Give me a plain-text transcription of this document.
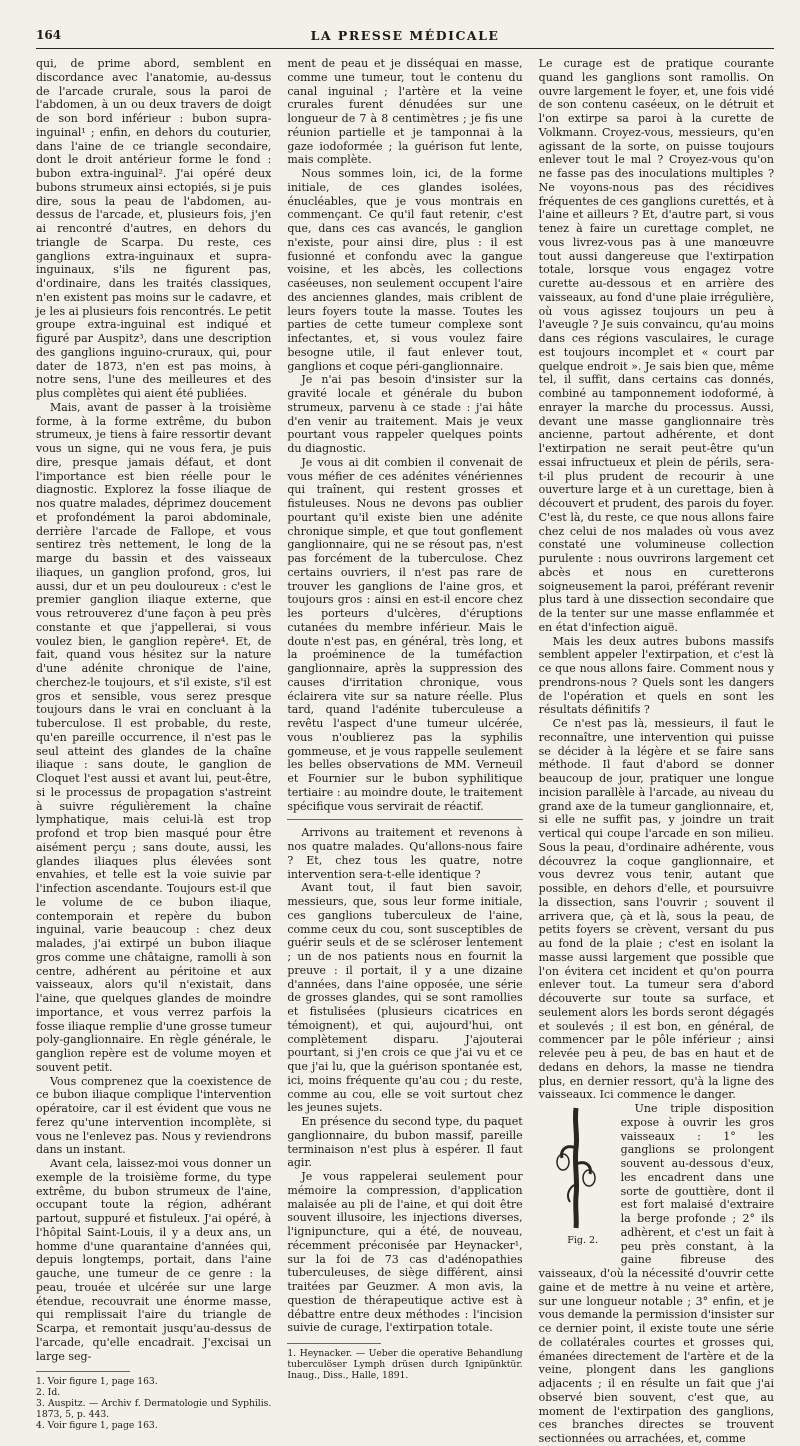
164	LA PRESSE MÉDICALE

qui, de prime abord, semblent en discordance avec l'anatomie, au-dessus de l'arcade crurale, sous la paroi de l'abdomen, à un ou deux travers de doigt de son bord inférieur : bubon supra-inguinal¹ ; enfin, en dehors du couturier, dans l'aine de ce triangle secondaire, dont le droit antérieur forme le fond : bubon extra-inguinal². J'ai opéré deux bubons strumeux ainsi ectopiés, si je puis dire, sous la peau de l'abdomen, au-dessus de l'arcade, et, plusieurs fois, j'en ai rencontré d'autres, en dehors du triangle de Scarpa. Du reste, ces ganglions extra-inguinaux et supra-inguinaux, s'ils ne figurent pas, d'ordinaire, dans les traités classiques, n'en existent pas moins sur le cadavre, et je les ai plusieurs fois rencontrés. Le petit groupe extra-inguinal est indiqué et figuré par Auspitz³, dans une description des ganglions inguino-cruraux, qui, pour dater de 1873, n'en est pas moins, à notre sens, l'une des meilleures et des plus complètes qui aient été publiées.

Mais, avant de passer à la troisième forme, à la forme extrême, du bubon strumeux, je tiens à faire ressortir devant vous un signe, qui ne vous fera, je puis dire, presque jamais défaut, et dont l'importance est bien réelle pour le diagnostic. Explorez la fosse iliaque de nos quatre malades, déprimez doucement et profondément la paroi abdominale, derrière l'arcade de Fallope, et vous sentirez très nettement, le long de la marge du bassin et des vaisseaux iliaques, un ganglion profond, gros, lui aussi, dur et un peu douloureux : c'est le premier ganglion iliaque externe, que vous retrouverez d'une façon à peu près constante et que j'appellerai, si vous voulez bien, le ganglion repère⁴. Et, de fait, quand vous hésitez sur la nature d'une adénite chronique de l'aine, cherchez-le toujours, et s'il existe, s'il est gros et sensible, vous serez presque toujours dans le vrai en concluant à la tuberculose. Il est probable, du reste, qu'en pareille occurrence, il n'est pas le seul atteint des glandes de la chaîne iliaque : sans doute, le ganglion de Cloquet l'est aussi et avant lui, peut-être, si le processus de propagation s'astreint à suivre régulièrement la chaîne lymphatique, mais celui-là est trop profond et trop bien masqué pour être aisément perçu ; sans doute, aussi, les glandes iliaques plus élevées sont envahies, et telle est la voie suivie par l'infection ascendante. Toujours est-il que le volume de ce bubon iliaque, contemporain et repère du bubon inguinal, varie beaucoup : chez deux malades, j'ai extirpé un bubon iliaque gros comme une châtaigne, ramolli à son centre, adhérent au péritoine et aux vaisseaux, alors qu'il n'existait, dans l'aine, que quelques glandes de moindre importance, et vous verrez parfois la fosse iliaque remplie d'une grosse tumeur poly-ganglionnaire. En règle générale, le ganglion repère est de volume moyen et souvent petit.

Vous comprenez que la coexistence de ce bubon iliaque complique l'intervention opératoire, car il est évident que vous ne ferez qu'une intervention incomplète, si vous ne l'enlevez pas. Nous y reviendrons dans un instant.

Avant cela, laissez-moi vous donner un exemple de la troisième forme, du type extrême, du bubon strumeux de l'aine, occupant toute la région, adhérant partout, suppuré et fistuleux. J'ai opéré, à l'hôpital Saint-Louis, il y a deux ans, un homme d'une quarantaine d'années qui, depuis longtemps, portait, dans l'aine gauche, une tumeur de ce genre : la peau, trouée et ulcérée sur une large étendue, recouvrait une énorme masse, qui remplissait l'aire du triangle de Scarpa, et remontait jusqu'au-dessus de l'arcade, qu'elle encadrait. J'excisai un large seg-

1. Voir figure 1, page 163.

2. Id.

3. Auspitz. — Archiv f. Dermatologie und Syphilis. 1873, 5, p. 443.

4. Voir figure 1, page 163.

ment de peau et je disséquai en masse, comme une tumeur, tout le contenu du canal inguinal ; l'artère et la veine crurales furent dénudées sur une longueur de 7 à 8 centimètres ; je fis une réunion partielle et je tamponnai à la gaze iodoformée ; la guérison fut lente, mais complète.

Nous sommes loin, ici, de la forme initiale, de ces glandes isolées, énucléables, que je vous montrais en commençant. Ce qu'il faut retenir, c'est que, dans ces cas avancés, le ganglion n'existe, pour ainsi dire, plus : il est fusionné et confondu avec la gangue voisine, et les abcès, les collections caséeuses, non seulement occupent l'aire des anciennes glandes, mais criblent de leurs foyers toute la masse. Toutes les parties de cette tumeur complexe sont infectantes, et, si vous voulez faire besogne utile, il faut enlever tout, ganglions et coque péri-ganglionnaire.

Je n'ai pas besoin d'insister sur la gravité locale et générale du bubon strumeux, parvenu à ce stade : j'ai hâte d'en venir au traitement. Mais je veux pourtant vous rappeler quelques points du diagnostic.

Je vous ai dit combien il convenait de vous méfier de ces adénites vénériennes qui traînent, qui restent grosses et fistuleuses. Nous ne devons pas oublier pourtant qu'il existe bien une adénite chronique simple, et que tout gonflement ganglionnaire, qui ne se résout pas, n'est pas forcément de la tuberculose. Chez certains ouvriers, il n'est pas rare de trouver les ganglions de l'aine gros, et toujours gros : ainsi en est-il encore chez les porteurs d'ulcères, d'éruptions cutanées du membre inférieur. Mais le doute n'est pas, en général, très long, et la proéminence de la tuméfaction ganglionnaire, après la suppression des causes d'irritation chronique, vous éclairera vite sur sa nature réelle. Plus tard, quand l'adénite tuberculeuse a revêtu l'aspect d'une tumeur ulcérée, vous n'oublierez pas la syphilis gommeuse, et je vous rappelle seulement les belles observations de MM. Verneuil et Fournier sur le bubon syphilitique tertiaire : au moindre doute, le traitement spécifique vous servirait de réactif.

Arrivons au traitement et revenons à nos quatre malades. Qu'allons-nous faire ? Et, chez tous les quatre, notre intervention sera-t-elle identique ?

Avant tout, il faut bien savoir, messieurs, que, sous leur forme initiale, ces ganglions tuberculeux de l'aine, comme ceux du cou, sont susceptibles de guérir seuls et de se scléroser lentement ; un de nos patients nous en fournit la preuve : il portait, il y a une dizaine d'années, dans l'aine opposée, une série de grosses glandes, qui se sont ramollies et fistulisées (plusieurs cicatrices en témoignent), et qui, aujourd'hui, ont complètement disparu. J'ajouterai pourtant, si j'en crois ce que j'ai vu et ce que j'ai lu, que la guérison spontanée est, ici, moins fréquente qu'au cou ; du reste, comme au cou, elle se voit surtout chez les jeunes sujets.

En présence du second type, du paquet ganglionnaire, du bubon massif, pareille terminaison n'est plus à espérer. Il faut agir.

Je vous rappelerai seulement pour mémoire la compression, d'application malaisée au pli de l'aine, et qui doit être souvent illusoire, les injections diverses, l'ignipuncture, qui a été, de nouveau, récemment préconisée par Heynacker¹, sur la foi de 73 cas d'adénopathies tuberculeuses, de siège différent, ainsi traitées par Geuzmer. A mon avis, la question de thérapeutique active est à débattre entre deux méthodes : l'incision suivie de curage, l'extirpation totale.

1. Heynacker. — Ueber die operative Behandlung tuberculöser Lymph drüsen durch Ignipünktür. Inaug., Diss., Halle, 1891.

Le curage est de pratique courante quand les ganglions sont ramollis. On ouvre largement le foyer, et, une fois vidé de son contenu caséeux, on le détruit et l'on extirpe sa paroi à la curette de Volkmann. Croyez-vous, messieurs, qu'en agissant de la sorte, on puisse toujours enlever tout le mal ? Croyez-vous qu'on ne fasse pas des inoculations multiples ? Ne voyons-nous pas des récidives fréquentes de ces ganglions curettés, et à l'aine et ailleurs ? Et, d'autre part, si vous tenez à faire un curettage complet, ne vous livrez-vous pas à une manœuvre tout aussi dangereuse que l'extirpation totale, lorsque vous engagez votre curette au-dessous et en arrière des vaisseaux, au fond d'une plaie irrégulière, où vous agissez toujours un peu à l'aveugle ? Je suis convaincu, qu'au moins dans ces régions vasculaires, le curage est toujours incomplet et « court par quelque endroit ». Je sais bien que, même tel, il suffit, dans certains cas donnés, combiné au tamponnement iodoformé, à enrayer la marche du processus. Aussi, devant une masse ganglionnaire très ancienne, partout adhérente, et dont l'extirpation ne serait peut-être qu'un essai infructueux et plein de périls, sera-t-il plus prudent de recourir à une ouverture large et à un curettage, bien à découvert et prudent, des parois du foyer. C'est là, du reste, ce que nous allons faire chez celui de nos malades où vous avez constaté une volumineuse collection purulente : nous ouvrirons largement cet abcès et nous en curetterons soigneusement la paroi, préférant revenir plus tard à une dissection secondaire que de la tenter sur une masse enflammée et en état d'infection aiguë.

Mais les deux autres bubons massifs semblent appeler l'extirpation, et c'est là ce que nous allons faire. Comment nous y prendrons-nous ? Quels sont les dangers de l'opération et quels en sont les résultats définitifs ?

Ce n'est pas là, messieurs, il faut le reconnaître, une intervention qui puisse se décider à la légère et se faire sans méthode. Il faut d'abord se donner beaucoup de jour, pratiquer une longue incision parallèle à l'arcade, au niveau du grand axe de la tumeur ganglionnaire, et, si elle ne suffit pas, y joindre un trait vertical qui coupe l'arcade en son milieu. Sous la peau, d'ordinaire adhérente, vous découvrez la coque ganglionnaire, et vous devrez vous tenir, autant que possible, en dehors d'elle, et poursuivre la dissection, sans l'ouvrir ; souvent il arrivera que, çà et là, sous la peau, de petits foyers se crèvent, versant du pus au fond de la plaie ; c'est en isolant la masse aussi largement que possible que l'on évitera cet incident et qu'on pourra enlever tout. La tumeur sera d'abord découverte sur toute sa surface, et seulement alors les bords seront dégagés et soulevés ; il est bon, en général, de commencer par le pôle inférieur ; ainsi relevée peu à peu, de bas en haut et de dedans en dehors, la masse ne tiendra plus, en dernier ressort, qu'à la ligne des vaisseaux. Ici commence le danger.

Fig. 2.
Une triple disposition expose à ouvrir les gros vaisseaux : 1° les ganglions se prolongent souvent au-dessous d'eux, les encadrent dans une sorte de gouttière, dont il est fort malaisé d'extraire la berge profonde ; 2° ils adhèrent, et c'est un fait à peu près constant, à la gaine fibreuse des vaisseaux, d'où la nécessité d'ouvrir cette gaine et de mettre à nu veine et artère, sur une longueur notable ; 3° enfin, et je vous demande la permission d'insister sur ce dernier point, il existe toute une série de collatérales courtes et grosses qui, émanées directement de l'artère et de la veine, plongent dans les ganglions adjacents ; il en résulte un fait que j'ai observé bien souvent, c'est que, au moment de l'extirpation des ganglions, ces branches directes se trouvent sectionnées ou arrachées, et, comme
